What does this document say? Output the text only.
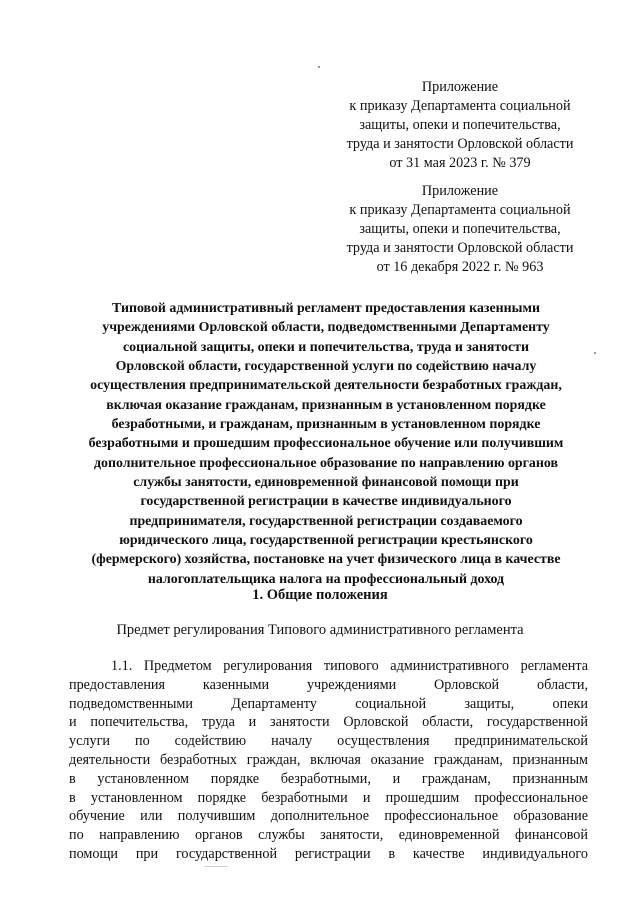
Приложение
к приказу Департамента социальной
защиты, опеки и попечительства,
труда и занятости Орловской области
от 31 мая 2023 г. № 379
Приложение
к приказу Департамента социальной
защиты, опеки и попечительства,
труда и занятости Орловской области
от 16 декабря 2022 г. № 963
Типовой административный регламент предоставления казенными
учреждениями Орловской области, подведомственными Департаменту
социальной защиты, опеки и попечительства, труда и занятости
Орловской области, государственной услуги по содействию началу
осуществления предпринимательской деятельности безработных граждан,
включая оказание гражданам, признанным в установленном порядке
безработными, и гражданам, признанным в установленном порядке
безработными и прошедшим профессиональное обучение или получившим
дополнительное профессиональное образование по направлению органов
службы занятости, единовременной финансовой помощи при
государственной регистрации в качестве индивидуального
предпринимателя, государственной регистрации создаваемого
юридического лица, государственной регистрации крестьянского
(фермерского) хозяйства, постановке на учет физического лица в качестве
налогоплательщика налога на профессиональный доход
1. Общие положения
Предмет регулирования Типового административного регламента
1.1. Предметом регулирования типового административного регламента
предоставления казенными учреждениями Орловской области,
подведомственными Департаменту социальной защиты, опеки
и попечительства, труда и занятости Орловской области, государственной
услуги по содействию началу осуществления предпринимательской
деятельности безработных граждан, включая оказание гражданам, признанным
в установленном порядке безработными, и гражданам, признанным
в установленном порядке безработными и прошедшим профессиональное
обучение или получившим дополнительное профессиональное образование
по направлению органов службы занятости, единовременной финансовой
помощи при государственной регистрации в качестве индивидуального
